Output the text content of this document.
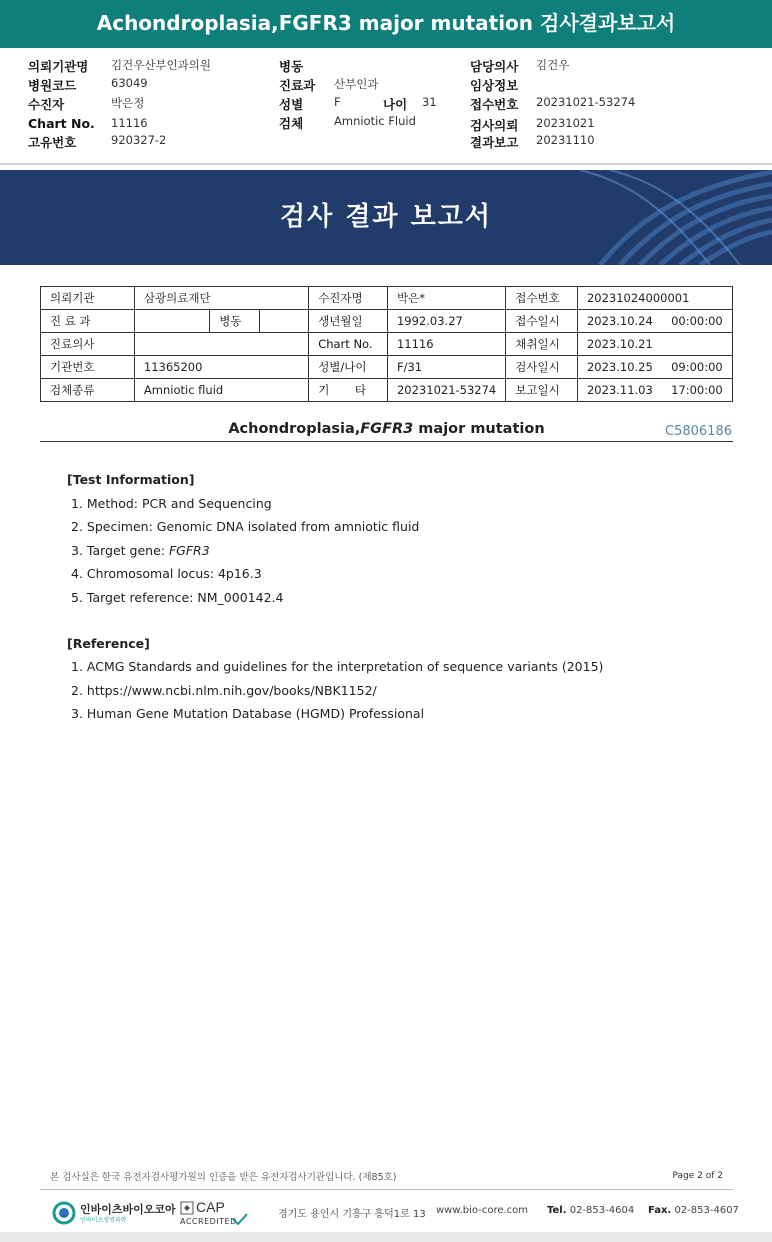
Achondroplasia,FGFR3 major mutation 검사결과보고서
의뢰기관명 김건우산부인과의원
병원코드	63049
수진자	박은정
Chart No. 11116
고유번호	920327-2
병동
진료과 산부인과
성별	F	나이 31
검체	Amniotic Fluid
담당의사 김건우
임상정보
접수번호 20231021-53274
검사의뢰 20231021
결과보고 20231110
검사 결과 보고서
의뢰기관	삼광의료재단			수진자명	박은*	접수번호	20231024000001
진 료 과		병동		생년월일	1992.03.27	접수일시	2023.10.24     00:00:00
진료의사				Chart No.	11116	채취일시	2023.10.21
기관번호	11365200			성별/나이	F/31	검사일시	2023.10.25     09:00:00
검체종류	Amniotic fluid			기       타	20231021-53274	보고일시	2023.11.03     17:00:00
Achondroplasia,FGFR3 major mutation	C5806186
[Test Information]
1. Method: PCR and Sequencing
2. Specimen: Genomic DNA isolated from amniotic fluid
3. Target gene: FGFR3
4. Chromosomal locus: 4p16.3
5. Target reference: NM_000142.4
[Reference]
1. ACMG Standards and guidelines for the interpretation of sequence variants (2015)
2. https://www.ncbi.nlm.nih.gov/books/NBK1152/
3. Human Gene Mutation Database (HGMD) Professional
본 검사실은 한국 유전자검사평가원의 인증을 받은 유전자검사기관입니다. (제85호)	Page 2 of 2
인바이츠바이오코아
인바이츠생명과학
CAP
ACCREDITED
경기도 용인시 기흥구 흥덕1로 13 www.bio-core.com Tel. 02-853-4604 Fax. 02-853-4607
